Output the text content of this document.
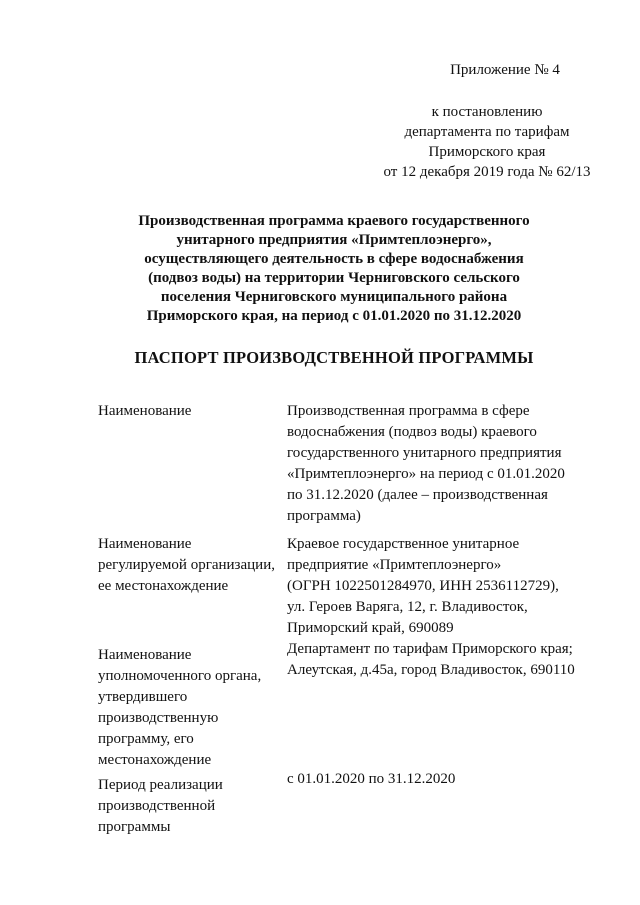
Приложение № 4
к постановлению
департамента по тарифам
Приморского края
от 12 декабря 2019 года № 62/13
Производственная программа краевого государственного
унитарного предприятия «Примтеплоэнерго»,
осуществляющего деятельность в сфере водоснабжения
(подвоз воды) на территории Черниговского сельского
поселения Черниговского муниципального района
Приморского края, на период с 01.01.2020 по 31.12.2020
ПАСПОРТ ПРОИЗВОДСТВЕННОЙ ПРОГРАММЫ
Наименование	Производственная программа в сфере
водоснабжения (подвоз воды) краевого
государственного унитарного предприятия
«Примтеплоэнерго» на период с 01.01.2020
по 31.12.2020 (далее – производственная
программа)
Наименование
регулируемой организации,
ее местонахождение
Краевое государственное унитарное
предприятие «Примтеплоэнерго»
(ОГРН 1022501284970, ИНН 2536112729),
ул. Героев Варяга, 12, г. Владивосток,
Приморский край, 690089
Наименование
уполномоченного органа,
утвердившего
производственную
программу, его
местонахождение
Департамент по тарифам Приморского края;
Алеутская, д.45а, город Владивосток, 690110
Период реализации
производственной
программы
с 01.01.2020 по 31.12.2020
